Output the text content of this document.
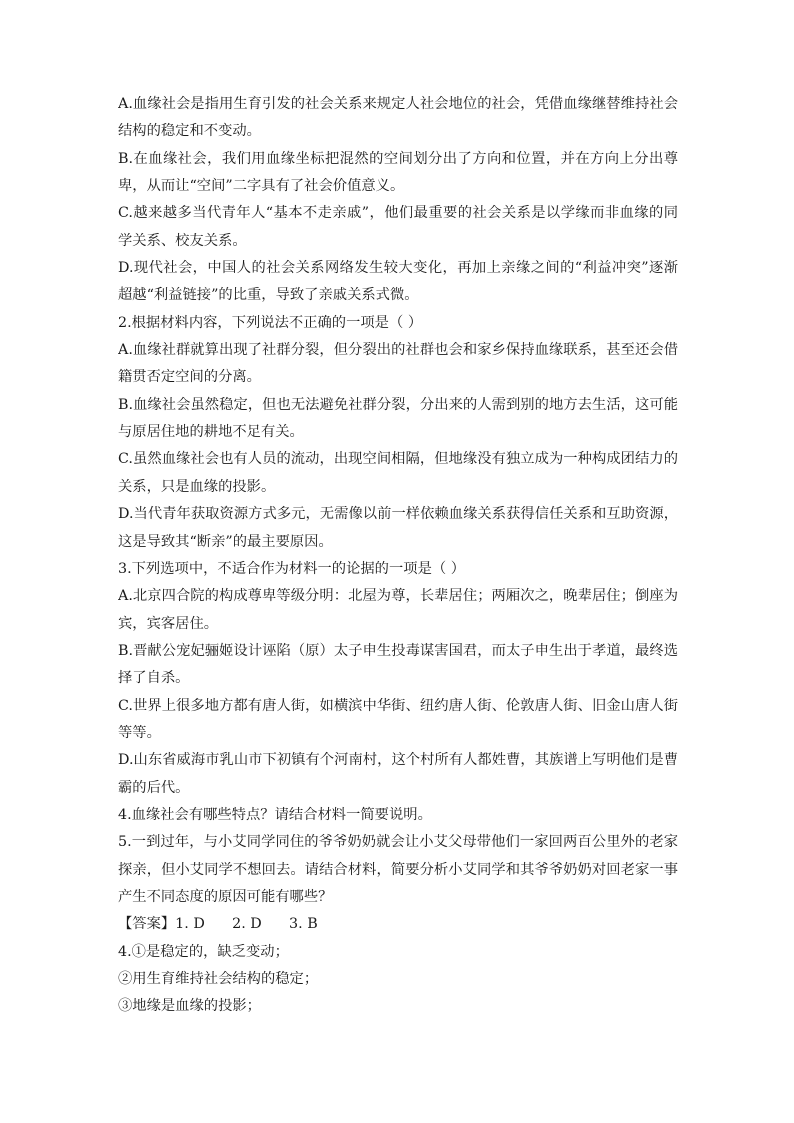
A.血缘社会是指用生育引发的社会关系来规定人社会地位的社会，凭借血缘继替维持社会
结构的稳定和不变动。
B.在血缘社会，我们用血缘坐标把混然的空间划分出了方向和位置，并在方向上分出尊
卑，从而让“空间”二字具有了社会价值意义。
C.越来越多当代青年人“基本不走亲戚”，他们最重要的社会关系是以学缘而非血缘的同
学关系、校友关系。
D.现代社会，中国人的社会关系网络发生较大变化，再加上亲缘之间的“利益冲突”逐渐
超越“利益链接”的比重，导致了亲戚关系式微。
2.根据材料内容，下列说法不正确的一项是（ ）
A.血缘社群就算出现了社群分裂，但分裂出的社群也会和家乡保持血缘联系，甚至还会借
籍贯否定空间的分离。
B.血缘社会虽然稳定，但也无法避免社群分裂，分出来的人需到别的地方去生活，这可能
与原居住地的耕地不足有关。
C.虽然血缘社会也有人员的流动，出现空间相隔，但地缘没有独立成为一种构成团结力的
关系，只是血缘的投影。
D.当代青年获取资源方式多元，无需像以前一样依赖血缘关系获得信任关系和互助资源，
这是导致其“断亲”的最主要原因。
3.下列选项中，不适合作为材料一的论据的一项是（ ）
A.北京四合院的构成尊卑等级分明：北屋为尊，长辈居住；两厢次之，晚辈居住；倒座为
宾，宾客居住。
B.晋献公宠妃骊姬设计诬陷（原）太子申生投毒谋害国君，而太子申生出于孝道，最终选
择了自杀。
C.世界上很多地方都有唐人街，如横滨中华街、纽约唐人街、伦敦唐人街、旧金山唐人街
等等。
D.山东省威海市乳山市下初镇有个河南村，这个村所有人都姓曹，其族谱上写明他们是曹
霸的后代。
4.血缘社会有哪些特点？请结合材料一简要说明。
5.一到过年，与小艾同学同住的爷爷奶奶就会让小艾父母带他们一家回两百公里外的老家
探亲，但小艾同学不想回去。请结合材料，简要分析小艾同学和其爷爷奶奶对回老家一事
产生不同态度的原因可能有哪些？
【答案】1. D      2. D      3. B
4.①是稳定的，缺乏变动；
②用生育维持社会结构的稳定；
③地缘是血缘的投影；
